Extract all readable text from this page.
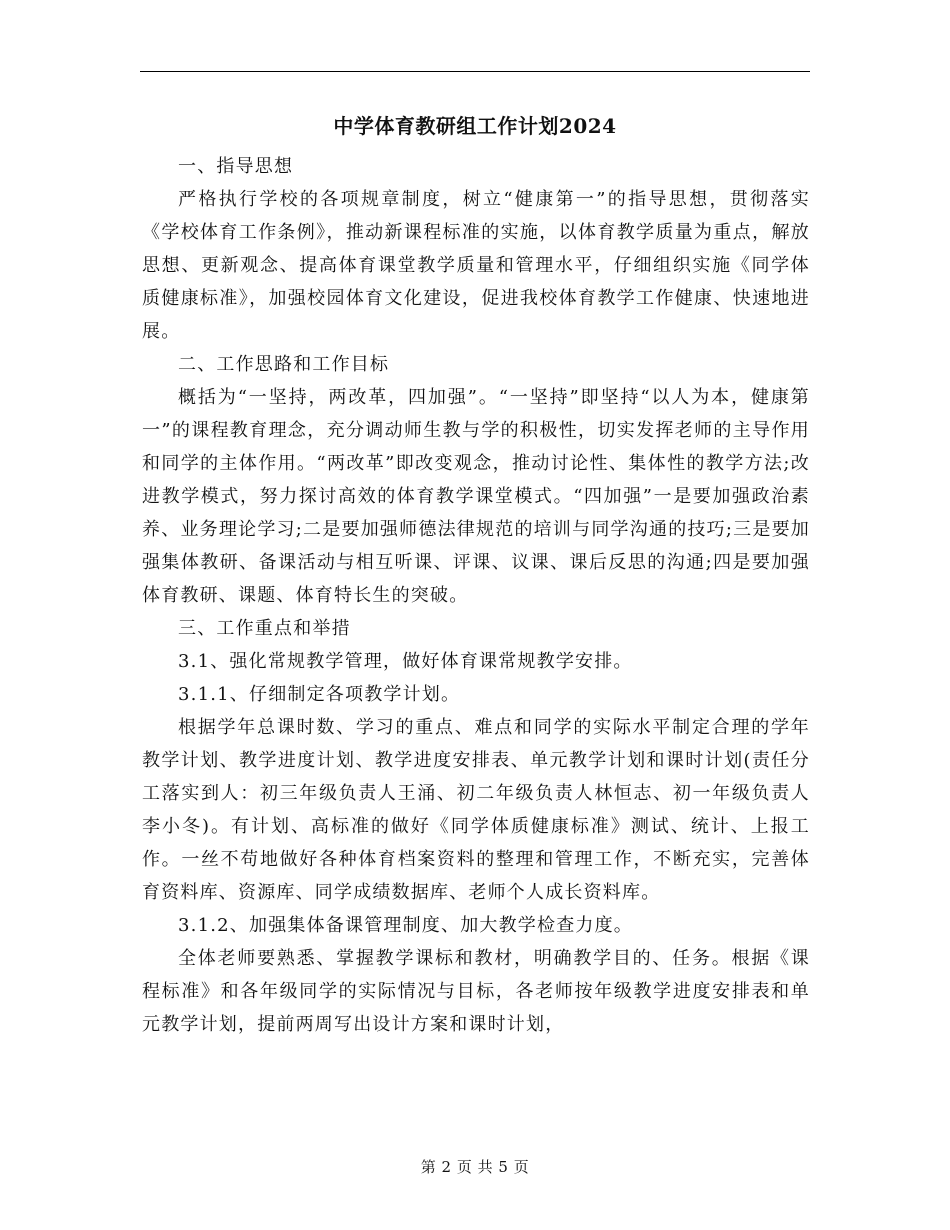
中学体育教研组工作计划2024

一、指导思想

严格执行学校的各项规章制度，树立“健康第一”的指导思想，贯彻落实《学校体育工作条例》，推动新课程标准的实施，以体育教学质量为重点，解放思想、更新观念、提高体育课堂教学质量和管理水平，仔细组织实施《同学体质健康标准》，加强校园体育文化建设，促进我校体育教学工作健康、快速地进展。

二、工作思路和工作目标

概括为“一坚持，两改革，四加强”。“一坚持”即坚持“以人为本，健康第一”的课程教育理念，充分调动师生教与学的积极性，切实发挥老师的主导作用和同学的主体作用。“两改革”即改变观念，推动讨论性、集体性的教学方法;改进教学模式，努力探讨高效的体育教学课堂模式。“四加强”一是要加强政治素养、业务理论学习;二是要加强师德法律规范的培训与同学沟通的技巧;三是要加强集体教研、备课活动与相互听课、评课、议课、课后反思的沟通;四是要加强体育教研、课题、体育特长生的突破。

三、工作重点和举措

3.1、强化常规教学管理，做好体育课常规教学安排。

3.1.1、仔细制定各项教学计划。

根据学年总课时数、学习的重点、难点和同学的实际水平制定合理的学年教学计划、教学进度计划、教学进度安排表、单元教学计划和课时计划(责任分工落实到人：初三年级负责人王涌、初二年级负责人林恒志、初一年级负责人李小冬)。有计划、高标准的做好《同学体质健康标准》测试、统计、上报工作。一丝不苟地做好各种体育档案资料的整理和管理工作，不断充实，完善体育资料库、资源库、同学成绩数据库、老师个人成长资料库。

3.1.2、加强集体备课管理制度、加大教学检查力度。

全体老师要熟悉、掌握教学课标和教材，明确教学目的、任务。根据《课程标准》和各年级同学的实际情况与目标，各老师按年级教学进度安排表和单元教学计划，提前两周写出设计方案和课时计划，

第 2 页 共 5 页
